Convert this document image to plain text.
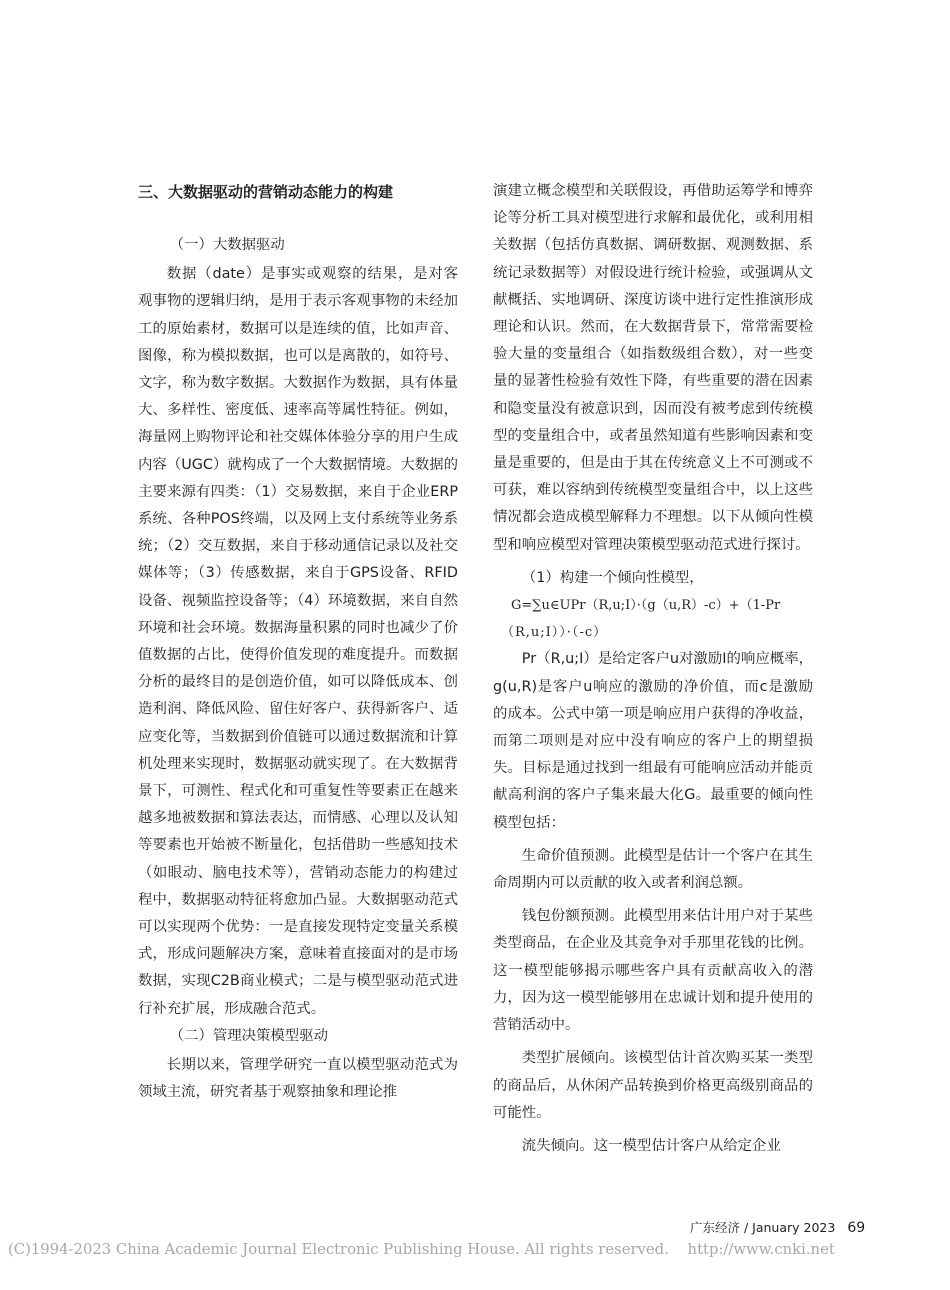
三、大数据驱动的营销动态能力的构建

（一）大数据驱动

数据（date）是事实或观察的结果，是对客观事物的逻辑归纳，是用于表示客观事物的未经加工的原始素材，数据可以是连续的值，比如声音、图像，称为模拟数据，也可以是离散的，如符号、文字，称为数字数据。大数据作为数据，具有体量大、多样性、密度低、速率高等属性特征。例如，海量网上购物评论和社交媒体体验分享的用户生成内容（UGC）就构成了一个大数据情境。大数据的主要来源有四类：（1）交易数据，来自于企业ERP系统、各种POS终端，以及网上支付系统等业务系统；（2）交互数据，来自于移动通信记录以及社交媒体等；（3）传感数据，来自于GPS设备、RFID设备、视频监控设备等；（4）环境数据，来自自然环境和社会环境。数据海量积累的同时也减少了价值数据的占比，使得价值发现的难度提升。而数据分析的最终目的是创造价值，如可以降低成本、创造利润、降低风险、留住好客户、获得新客户、适应变化等，当数据到价值链可以通过数据流和计算机处理来实现时，数据驱动就实现了。在大数据背景下，可测性、程式化和可重复性等要素正在越来越多地被数据和算法表达，而情感、心理以及认知等要素也开始被不断量化，包括借助一些感知技术（如眼动、脑电技术等），营销动态能力的构建过程中，数据驱动特征将愈加凸显。大数据驱动范式可以实现两个优势：一是直接发现特定变量关系模式，形成问题解决方案，意味着直接面对的是市场数据，实现C2B商业模式；二是与模型驱动范式进行补充扩展，形成融合范式。

（二）管理决策模型驱动

长期以来，管理学研究一直以模型驱动范式为领域主流，研究者基于观察抽象和理论推

演建立概念模型和关联假设，再借助运筹学和博弈论等分析工具对模型进行求解和最优化，或利用相关数据（包括仿真数据、调研数据、观测数据、系统记录数据等）对假设进行统计检验，或强调从文献概括、实地调研、深度访谈中进行定性推演形成理论和认识。然而，在大数据背景下，常常需要检验大量的变量组合（如指数级组合数），对一些变量的显著性检验有效性下降，有些重要的潜在因素和隐变量没有被意识到，因而没有被考虑到传统模型的变量组合中，或者虽然知道有些影响因素和变量是重要的，但是由于其在传统意义上不可测或不可获，难以容纳到传统模型变量组合中，以上这些情况都会造成模型解释力不理想。以下从倾向性模型和响应模型对管理决策模型驱动范式进行探讨。

（1）构建一个倾向性模型，

G=∑u∈UPr（R,u;I）·（g（u,R）-c）+（1-Pr

（R,u;I））·（-c）

Pr（R,u;I）是给定客户u对激励I的响应概率，g(u,R)是客户u响应的激励的净价值，而c是激励的成本。公式中第一项是响应用户获得的净收益，而第二项则是对应中没有响应的客户上的期望损失。目标是通过找到一组最有可能响应活动并能贡献高利润的客户子集来最大化G。最重要的倾向性模型包括：

生命价值预测。此模型是估计一个客户在其生命周期内可以贡献的收入或者利润总额。

钱包份额预测。此模型用来估计用户对于某些类型商品，在企业及其竞争对手那里花钱的比例。这一模型能够揭示哪些客户具有贡献高收入的潜力，因为这一模型能够用在忠诚计划和提升使用的营销活动中。

类型扩展倾向。该模型估计首次购买某一类型的商品后，从休闲产品转换到价格更高级别商品的可能性。

流失倾向。这一模型估计客户从给定企业

广东经济 / January 2023 69
(C)1994-2023 China Academic Journal Electronic Publishing House. All rights reserved. http://www.cnki.net
